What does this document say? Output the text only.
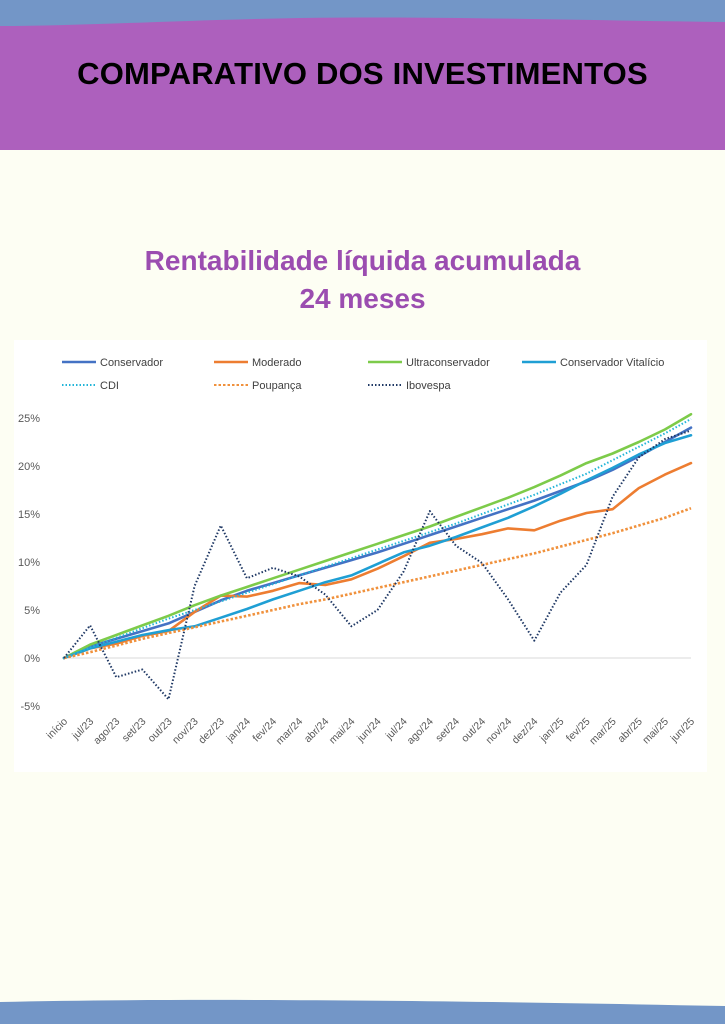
COMPARATIVO DOS INVESTIMENTOS
Rentabilidade líquida acumulada
24 meses
-5%
0%
5%
10%
15%
20%
25%
início jul/23
ago/23
set/23
out/23
nov/23
dez/23
jan/24
fev/24
mar/24
abr/24
mai/24
jun/24 jul/24
ago/24
set/24
out/24
nov/24
dez/24
jan/25
fev/25
mar/25
abr/25
mai/25
jun/25
Conservador	Moderado	Ultraconservador	Conservador Vitalício
CDI	Poupança	Ibovespa
